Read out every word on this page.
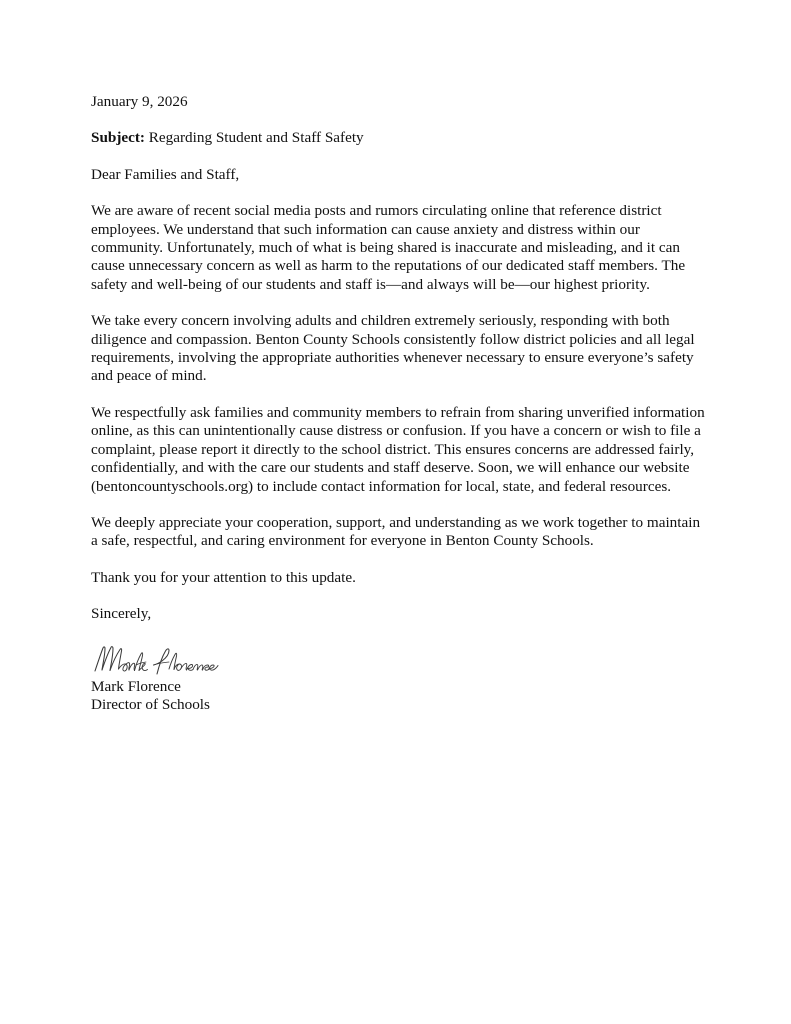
January 9, 2026

Subject: Regarding Student and Staff Safety

Dear Families and Staff,

We are aware of recent social media posts and rumors circulating online that reference district employees. We understand that such information can cause anxiety and distress within our community. Unfortunately, much of what is being shared is inaccurate and misleading, and it can cause unnecessary concern as well as harm to the reputations of our dedicated staff members. The safety and well-being of our students and staff is—and always will be—our highest priority.

We take every concern involving adults and children extremely seriously, responding with both diligence and compassion. Benton County Schools consistently follow district policies and all legal requirements, involving the appropriate authorities whenever necessary to ensure everyone’s safety and peace of mind.

We respectfully ask families and community members to refrain from sharing unverified information online, as this can unintentionally cause distress or confusion. If you have a concern or wish to file a complaint, please report it directly to the school district. This ensures concerns are addressed fairly, confidentially, and with the care our students and staff deserve. Soon, we will enhance our website (bentoncountyschools.org) to include contact information for local, state, and federal resources.

We deeply appreciate your cooperation, support, and understanding as we work together to maintain a safe, respectful, and caring environment for everyone in Benton County Schools.

Thank you for your attention to this update.

Sincerely,

Mark Florence

Director of Schools
